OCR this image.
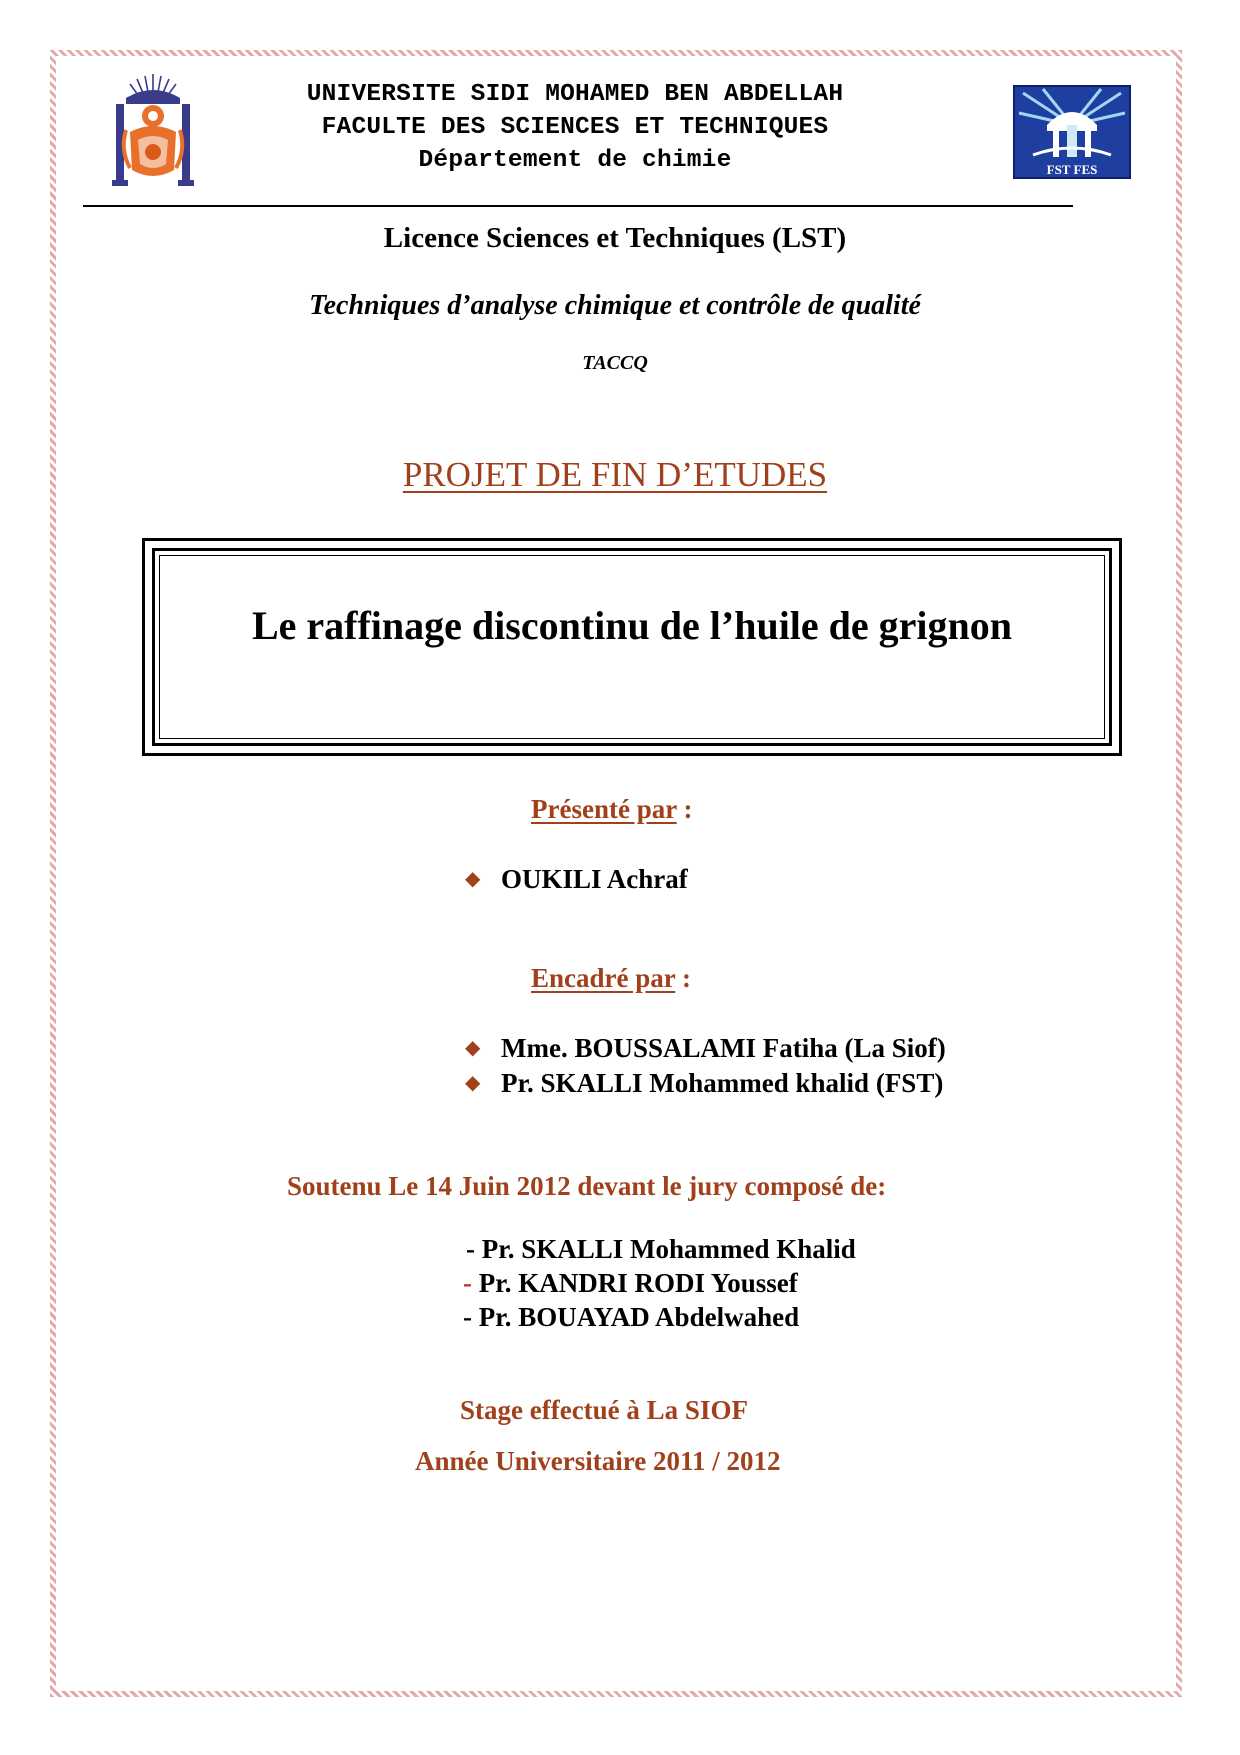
UNIVERSITE SIDI MOHAMED BEN ABDELLAH
FACULTE DES SCIENCES ET TECHNIQUES
Département de chimie	FST FES
Licence Sciences et Techniques (LST)
Techniques d’analyse chimique et contrôle de qualité
TACCQ
PROJET DE FIN D’ETUDES
Le raffinage discontinu de l’huile de grignon
Présenté par :
◆ OUKILI Achraf
Encadré par :
◆ Mme. BOUSSALAMI Fatiha (La Siof)
◆ Pr. SKALLI Mohammed khalid (FST)
Soutenu Le 14 Juin 2012 devant le jury composé de:
- Pr. SKALLI Mohammed Khalid
- Pr. KANDRI RODI Youssef
- Pr. BOUAYAD Abdelwahed
Stage effectué à La SIOF
Année Universitaire 2011 / 2012
